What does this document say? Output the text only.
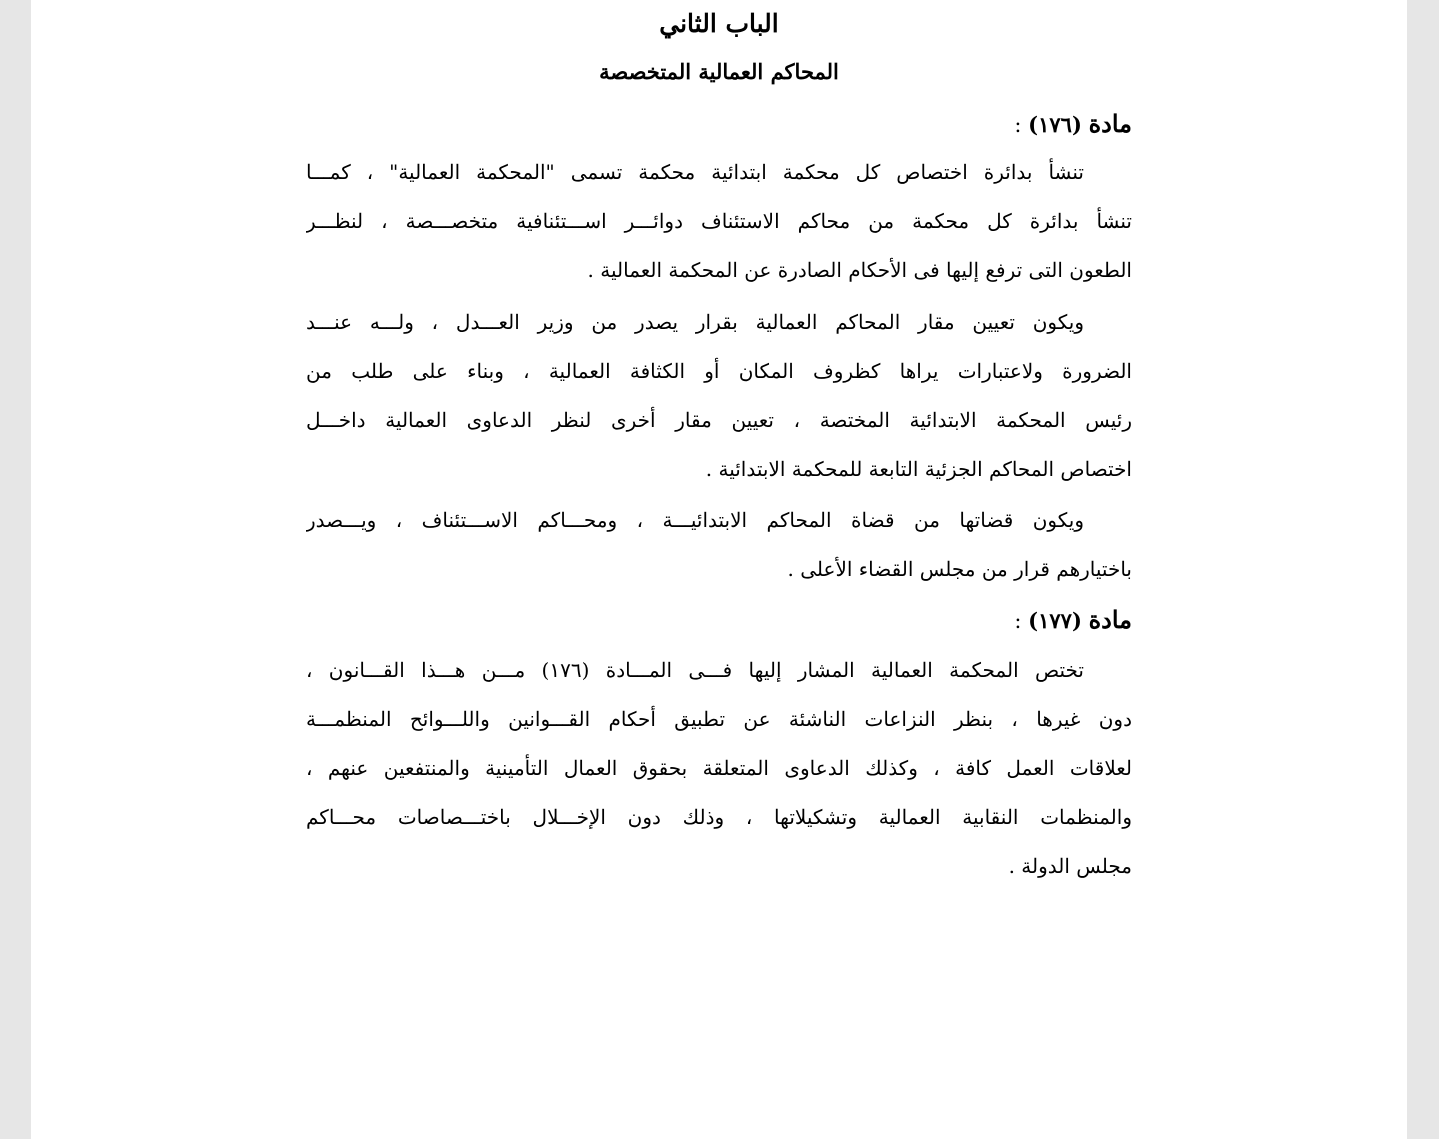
الباب الثاني
المحاكم العمالية المتخصصة
مادة (١٧٦) :
تنشأ بدائرة اختصاص كل محكمة ابتدائية محكمة تسمى "المحكمة العمالية" ، كمـــا
تنشأ بدائرة كل محكمة من محاكم الاستئناف دوائـــر اســـتئنافية متخصـــصة ، لنظـــر
الطعون التى ترفع إليها فى الأحكام الصادرة عن المحكمة العمالية .
ويكون تعيين مقار المحاكم العمالية بقرار يصدر من وزير العـــدل ، ولـــه عنـــد
الضرورة ولاعتبارات يراها كظروف المكان أو الكثافة العمالية ، وبناء على طلب من
رئيس المحكمة الابتدائية المختصة ، تعيين مقار أخرى لنظر الدعاوى العمالية داخـــل
اختصاص المحاكم الجزئية التابعة للمحكمة الابتدائية .
ويكون قضاتها من قضاة المحاكم الابتدائيـــة ، ومحـــاكم الاســـتئناف ، ويـــصدر
باختيارهم قرار من مجلس القضاء الأعلى .
مادة (١٧٧) :
تختص المحكمة العمالية المشار إليها فـــى المـــادة (١٧٦) مـــن هـــذا القـــانون ،
دون غيرها ، بنظر النزاعات الناشئة عن تطبيق أحكام القـــوانين واللـــوائح المنظمـــة
لعلاقات العمل كافة ، وكذلك الدعاوى المتعلقة بحقوق العمال التأمينية والمنتفعين عنهم ،
والمنظمات النقابية العمالية وتشكيلاتها ، وذلك دون الإخـــلال باختـــصاصات محـــاكم
مجلس الدولة .
